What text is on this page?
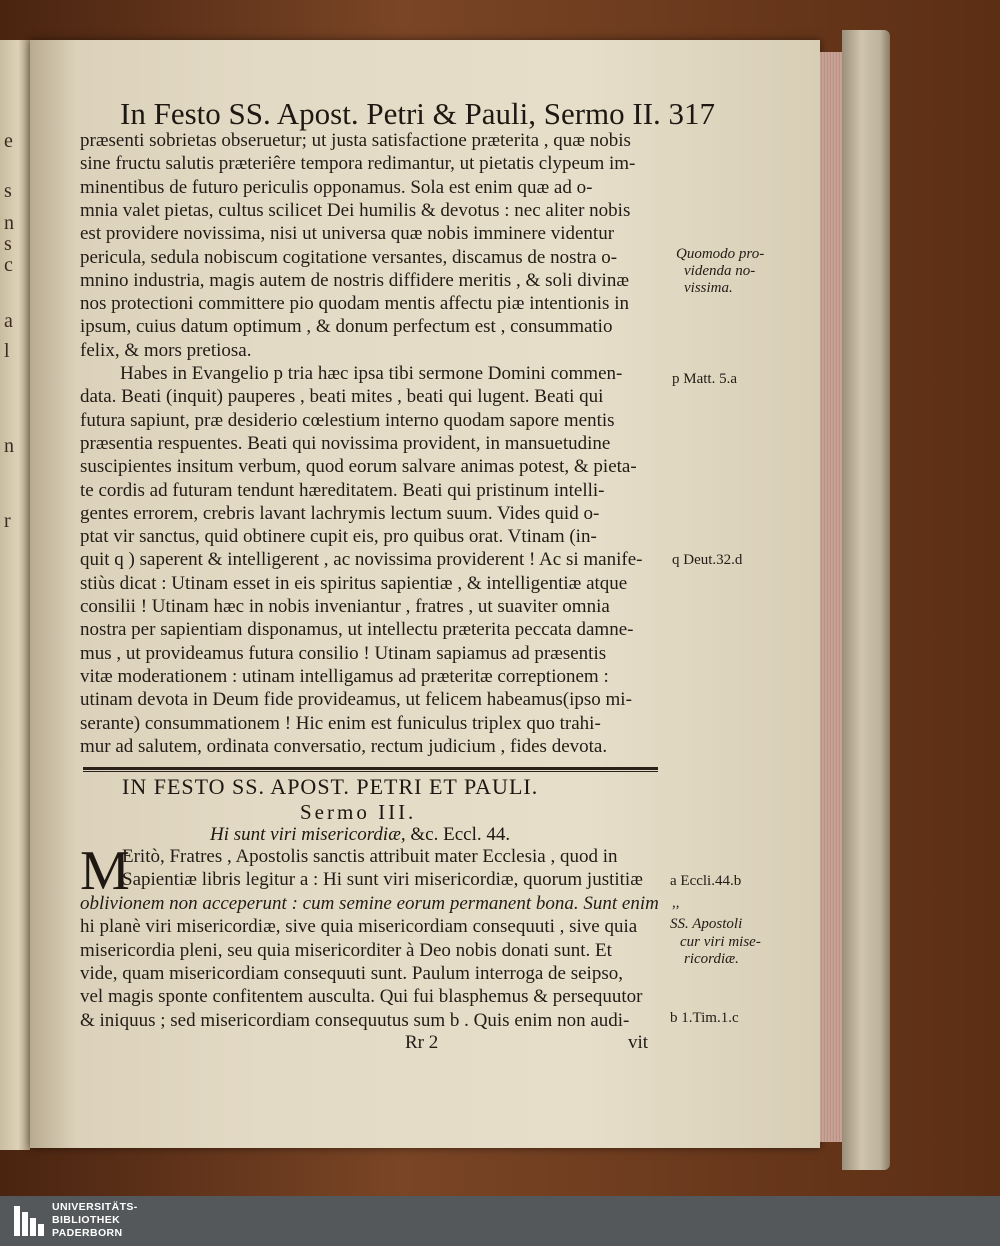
e
s
n
s
c
a
l
n
r
In Festo SS. Apost. Petri & Pauli, Sermo II. 317
præsenti sobrietas obseruetur; ut justa satisfactione præterita , quæ nobis
sine fructu salutis præteriêre tempora redimantur, ut pietatis clypeum im-
minentibus de futuro periculis opponamus. Sola est enim quæ ad o-
mnia valet pietas, cultus scilicet Dei humilis & devotus : nec aliter nobis
est providere novissima, nisi ut universa quæ nobis imminere videntur
pericula, sedula nobiscum cogitatione versantes, discamus de nostra o-
mnino industria, magis autem de nostris diffidere meritis , & soli divinæ
nos protectioni committere pio quodam mentis affectu piæ intentionis in
ipsum, cuius datum optimum , & donum perfectum est , consummatio
felix, & mors pretiosa.
Habes in Evangelio p tria hæc ipsa tibi sermone Domini commen-
data. Beati (inquit) pauperes , beati mites , beati qui lugent. Beati qui
futura sapiunt, præ desiderio cœlestium interno quodam sapore mentis
præsentia respuentes. Beati qui novissima provident, in mansuetudine
suscipientes insitum verbum, quod eorum salvare animas potest, & pieta-
te cordis ad futuram tendunt hæreditatem. Beati qui pristinum intelli-
gentes errorem, crebris lavant lachrymis lectum suum. Vides quid o-
ptat vir sanctus, quid obtinere cupit eis, pro quibus orat. Vtinam (in-
quit q ) saperent & intelligerent , ac novissima providerent ! Ac si manife-
stiùs dicat : Utinam esset in eis spiritus sapientiæ , & intelligentiæ atque
consilii ! Utinam hæc in nobis inveniantur , fratres , ut suaviter omnia
nostra per sapientiam disponamus, ut intellectu præterita peccata damne-
mus , ut provideamus futura consilio ! Utinam sapiamus ad præsentis
vitæ moderationem : utinam intelligamus ad præteritæ correptionem :
utinam devota in Deum fide provideamus, ut felicem habeamus(ipso mi-
serante) consummationem ! Hic enim est funiculus triplex quo trahi-
mur ad salutem, ordinata conversatio, rectum judicium , fides devota.
IN FESTO SS. APOST. PETRI ET PAULI.
Sermo III.
Hi sunt viri misericordiæ, &c. Eccl. 44.
M
Eritò, Fratres , Apostolis sanctis attribuit mater Ecclesia , quod in
Sapientiæ libris legitur a : Hi sunt viri misericordiæ, quorum justitiæ
oblivionem non acceperunt : cum semine eorum permanent bona. Sunt enim
hi planè viri misericordiæ, sive quia misericordiam consequuti , sive quia
misericordia pleni, seu quia misericorditer à Deo nobis donati sunt. Et
vide, quam misericordiam consequuti sunt. Paulum interroga de seipso,
vel magis sponte confitentem ausculta. Qui fui blasphemus & persequutor
& iniquus ; sed misericordiam consequutus sum b . Quis enim non audi-
Quomodo pro-
videnda no-
vissima.
p Matt. 5.a
q Deut.32.d
a Eccli.44.b
,,
SS. Apostoli
cur viri mise-
ricordiæ.
b 1.Tim.1.c
Rr 2	vit
UNIVERSITÄTS-
BIBLIOTHEK
PADERBORN
